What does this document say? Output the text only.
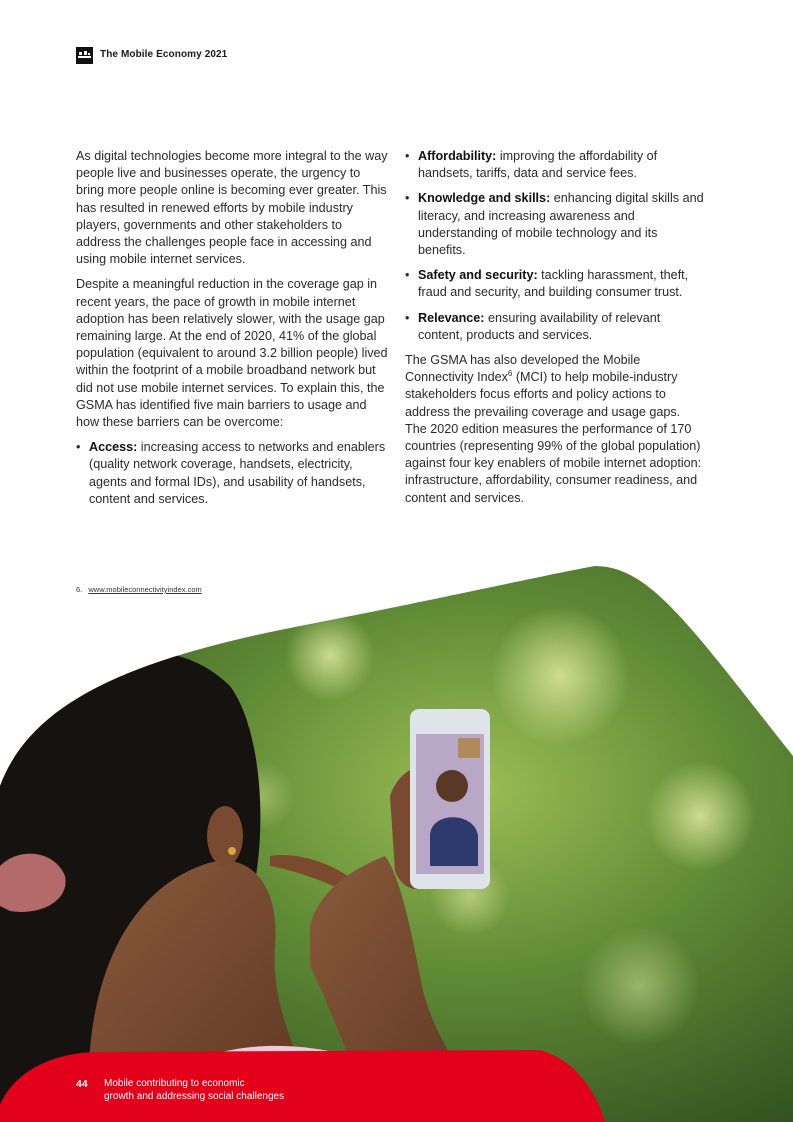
The Mobile Economy 2021

As digital technologies become more integral to the way people live and businesses operate, the urgency to bring more people online is becoming ever greater. This has resulted in renewed efforts by mobile industry players, governments and other stakeholders to address the challenges people face in accessing and using mobile internet services.

Despite a meaningful reduction in the coverage gap in recent years, the pace of growth in mobile internet adoption has been relatively slower, with the usage gap remaining large. At the end of 2020, 41% of the global population (equivalent to around 3.2 billion people) lived within the footprint of a mobile broadband network but did not use mobile internet services. To explain this, the GSMA has identified five main barriers to usage and how these barriers can be overcome:

• Access: increasing access to networks and enablers (quality network coverage, handsets, electricity, agents and formal IDs), and usability of handsets, content and services.
• Affordability: improving the affordability of handsets, tariffs, data and service fees.
• Knowledge and skills: enhancing digital skills and literacy, and increasing awareness and understanding of mobile technology and its benefits.
• Safety and security: tackling harassment, theft, fraud and security, and building consumer trust.
• Relevance: ensuring availability of relevant content, products and services.

The GSMA has also developed the Mobile Connectivity Index$^6$ (MCI) to help mobile-industry stakeholders focus efforts and policy actions to address the prevailing coverage and usage gaps. The 2020 edition measures the performance of 170 countries (representing 99% of the global population) against four key enablers of mobile internet adoption: infrastructure, affordability, consumer readiness, and content and services.

6. www.mobileconnectivityindex.com
44 Mobile contributing to economic
growth and addressing social challenges
